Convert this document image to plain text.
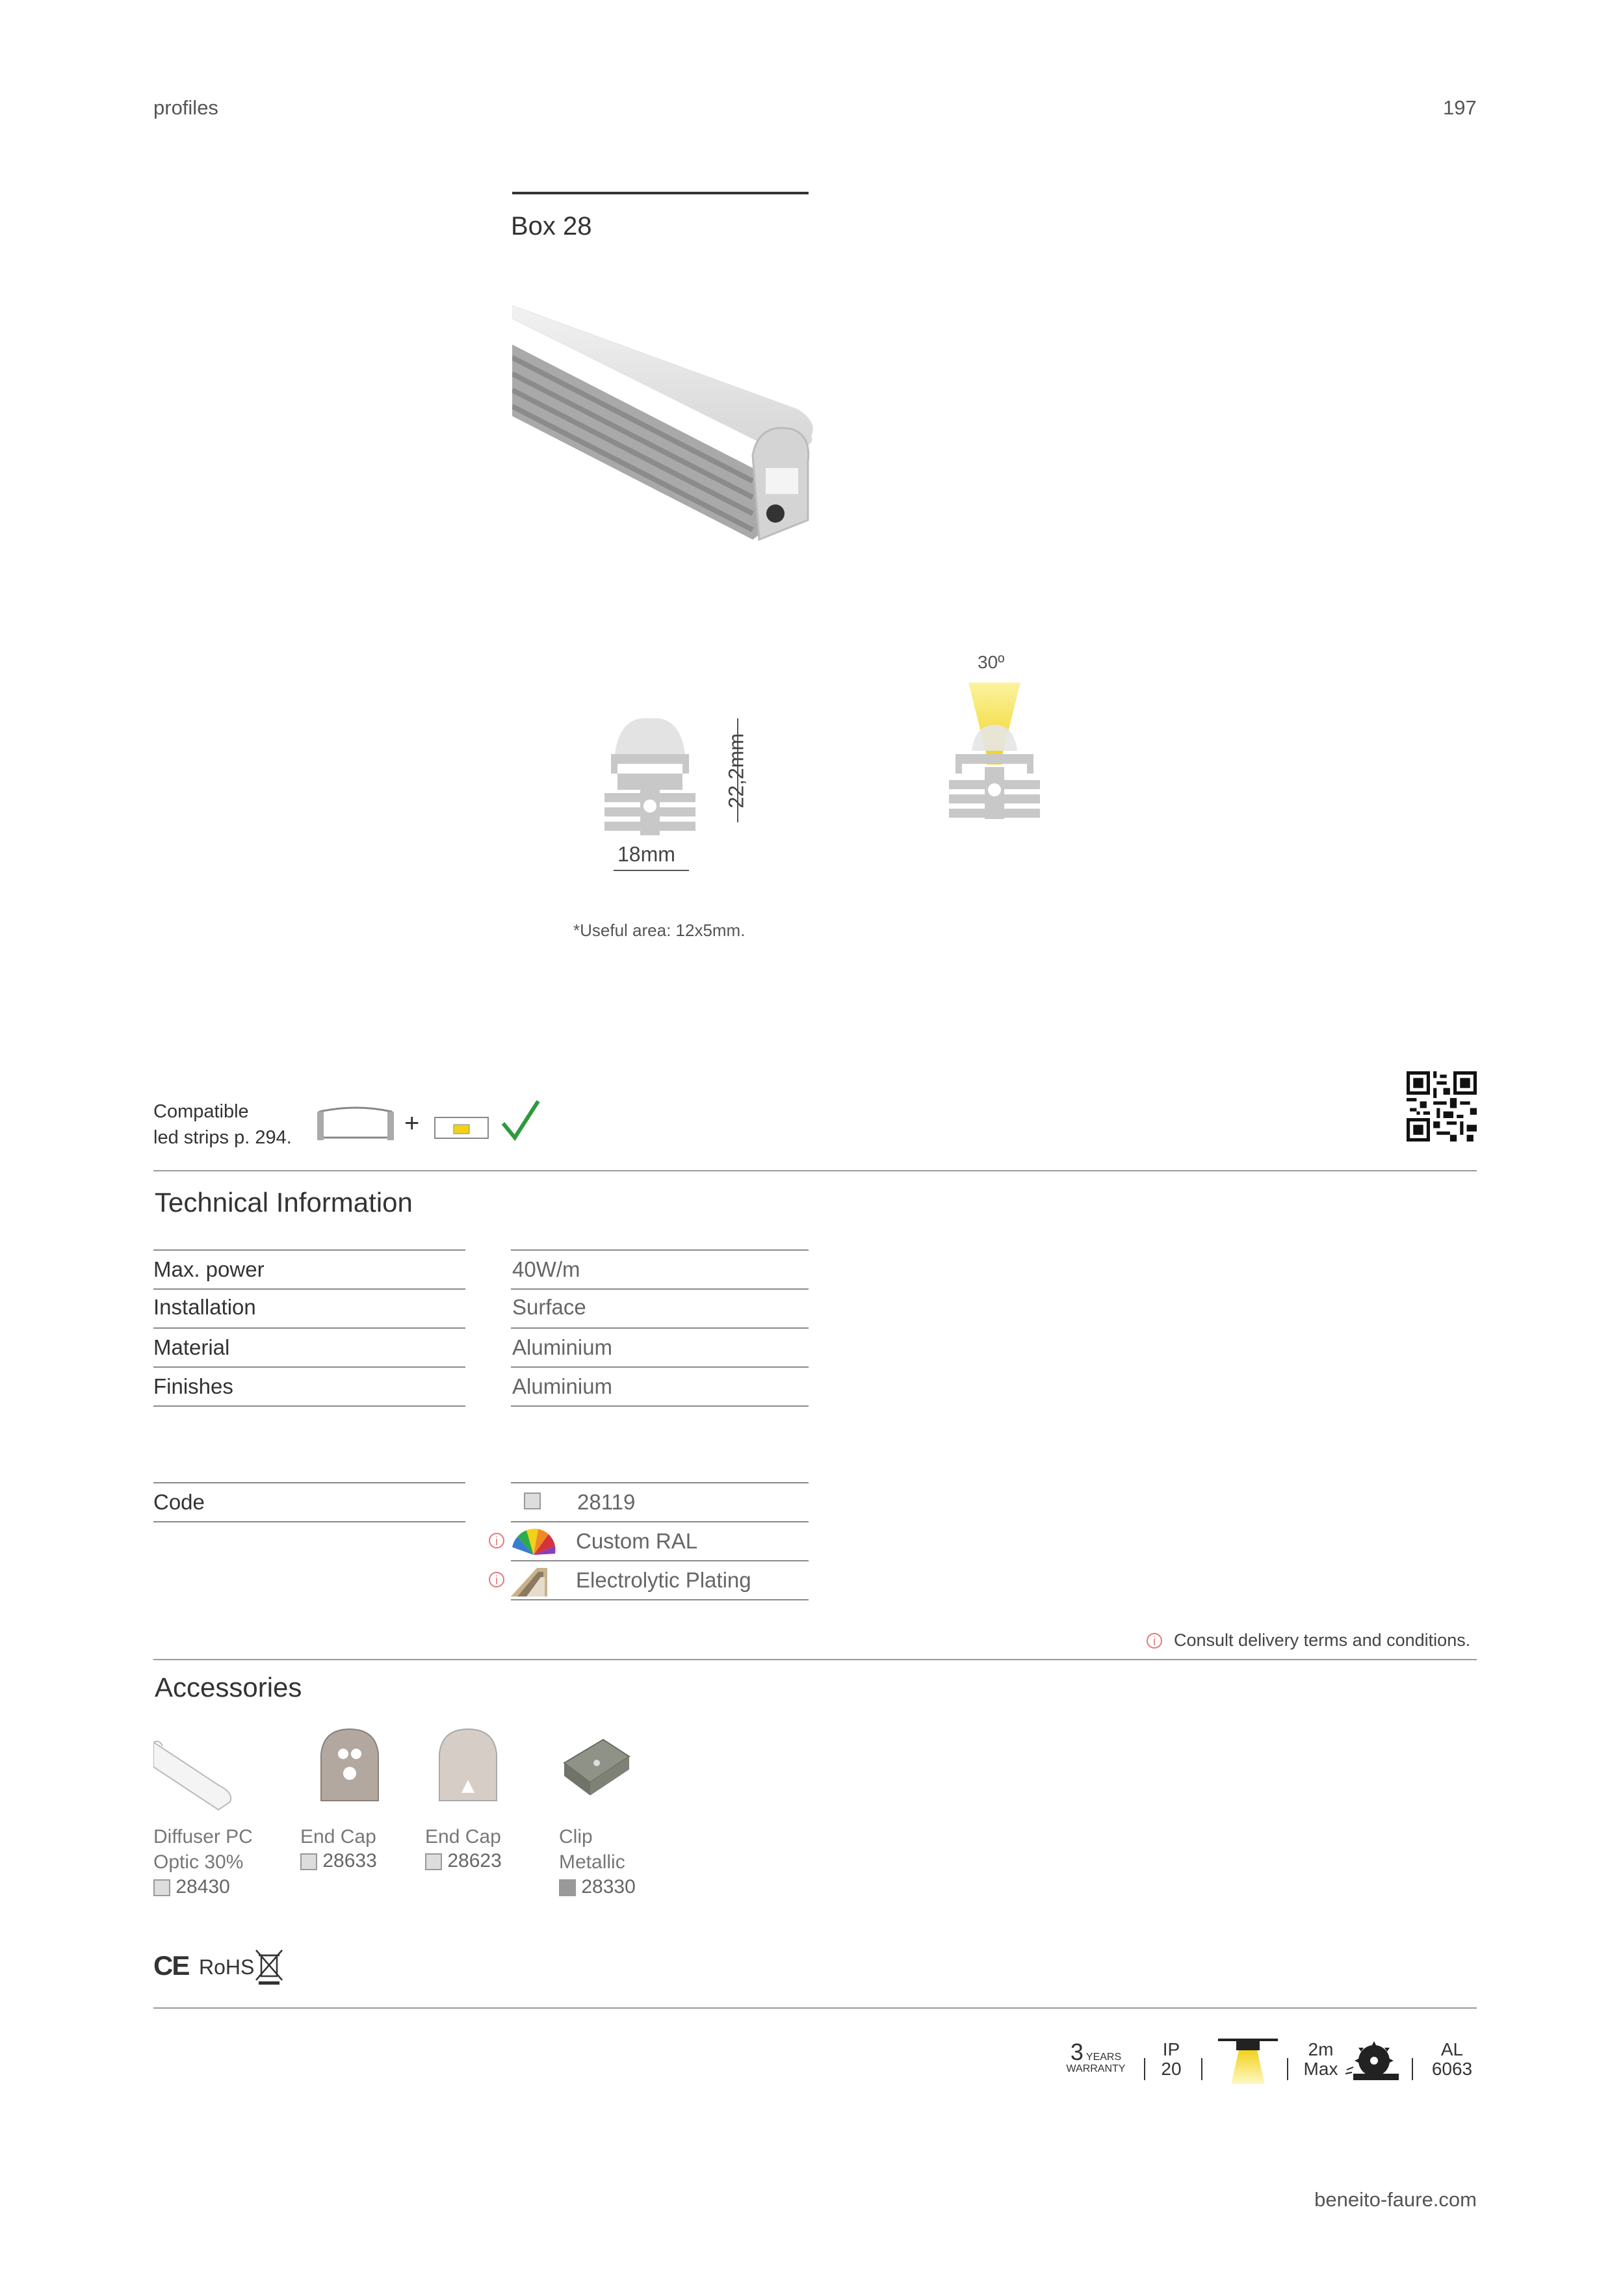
profiles	197
Box 28
22,2mm
18mm
30º
*Useful area: 12x5mm.
Compatible
led strips p. 294.	+
Technical Information
Max. power	40W/m
Installation	Surface
Material	Aluminium
Finishes	Aluminium
Code	28119
i	Custom RAL
i	Electrolytic Plating
i	Consult delivery terms and conditions.
Accessories
Diffuser PC
Optic 30%
28430
End Cap
28633
End Cap
28623
Clip
Metallic
28330
CE RoHS
3 YEARS
WARRANTY
IP
20
2m
Max
AL
6063
beneito-faure.com
